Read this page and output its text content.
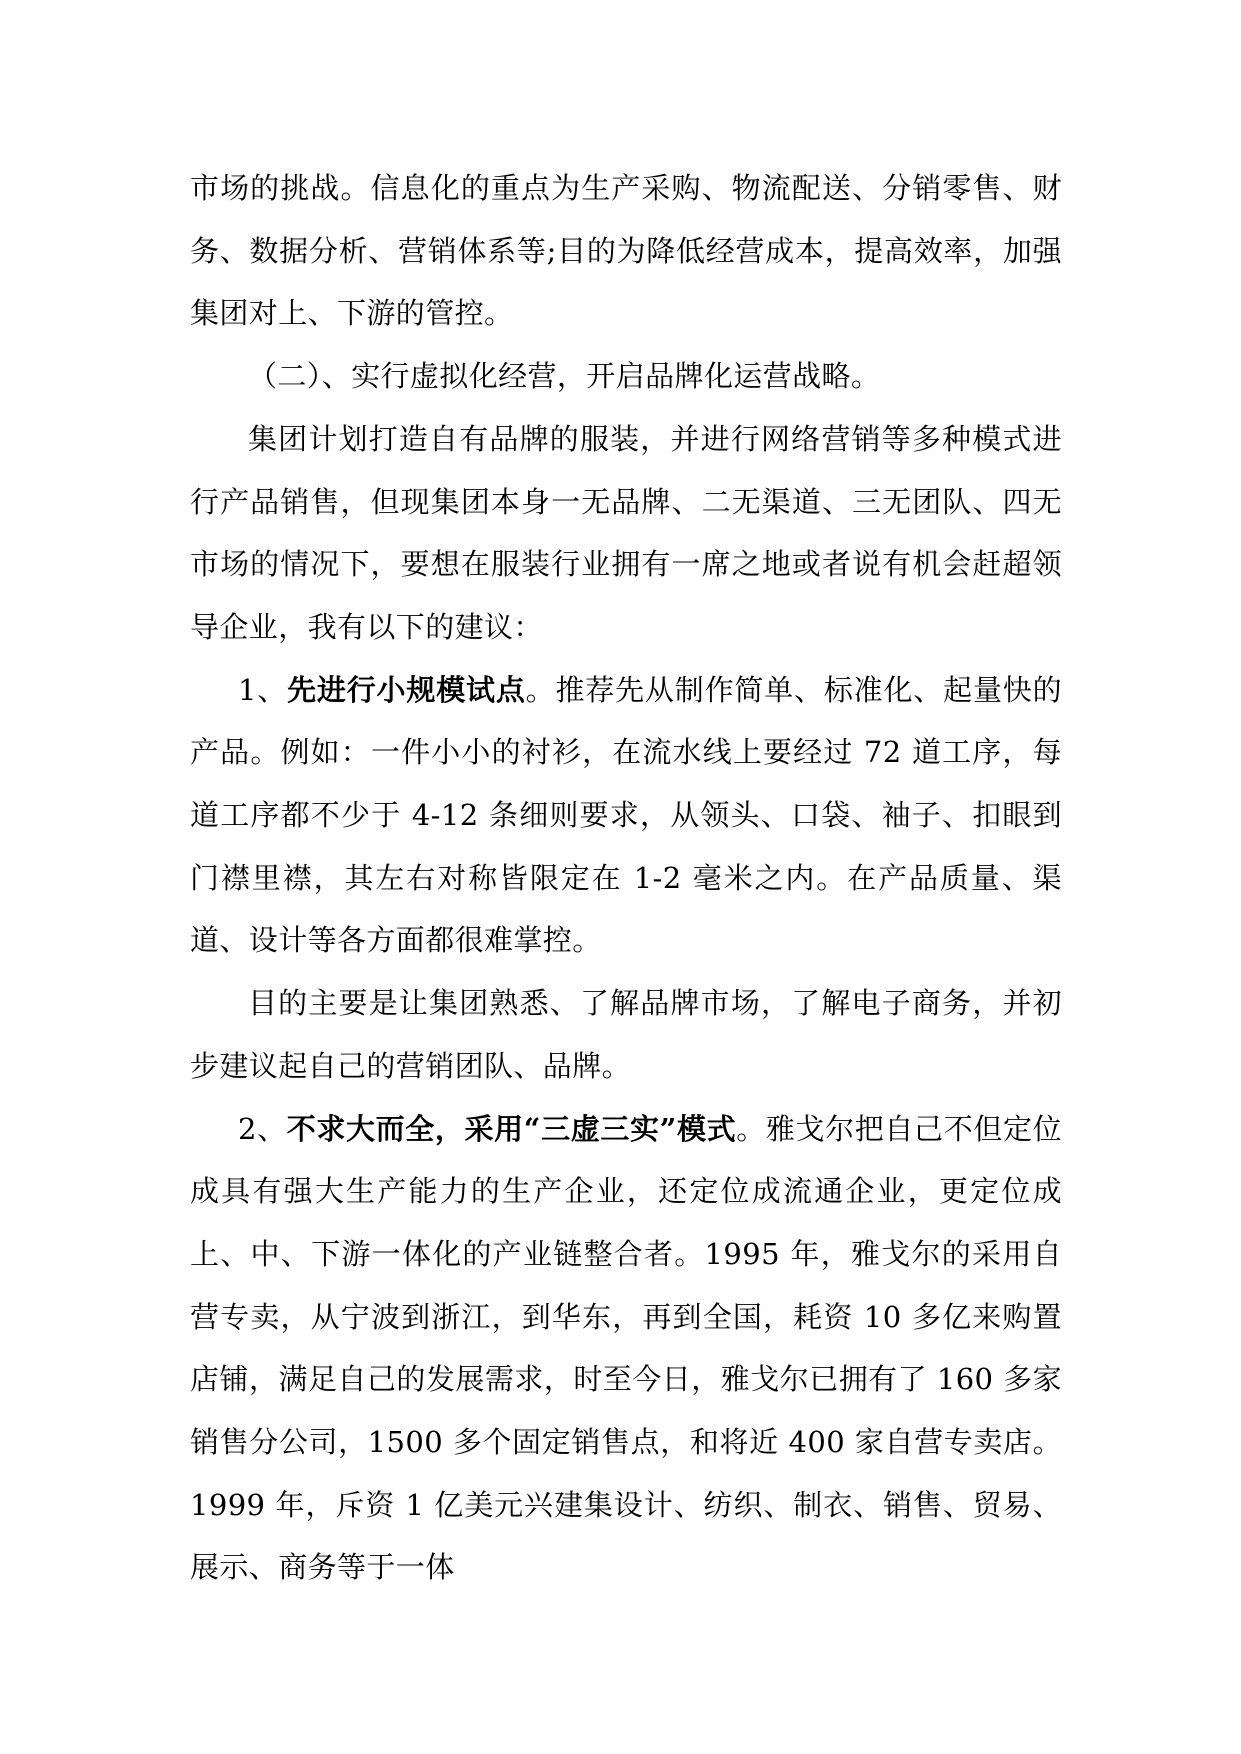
市场的挑战。信息化的重点为生产采购、物流配送、分销零售、财务、数据分析、营销体系等;目的为降低经营成本，提高效率，加强集团对上、下游的管控。

（二）、实行虚拟化经营，开启品牌化运营战略。

集团计划打造自有品牌的服装，并进行网络营销等多种模式进行产品销售，但现集团本身一无品牌、二无渠道、三无团队、四无市场的情况下，要想在服装行业拥有一席之地或者说有机会赶超领导企业，我有以下的建议：

1、先进行小规模试点。推荐先从制作简单、标准化、起量快的产品。例如：一件小小的衬衫，在流水线上要经过 72 道工序，每道工序都不少于 4-12 条细则要求，从领头、口袋、袖子、扣眼到门襟里襟，其左右对称皆限定在 1-2 毫米之内。在产品质量、渠道、设计等各方面都很难掌控。

目的主要是让集团熟悉、了解品牌市场，了解电子商务，并初步建议起自己的营销团队、品牌。

2、不求大而全，采用“三虚三实”模式。雅戈尔把自己不但定位成具有强大生产能力的生产企业，还定位成流通企业，更定位成上、中、下游一体化的产业链整合者。1995 年，雅戈尔的采用自营专卖，从宁波到浙江，到华东，再到全国，耗资 10 多亿来购置店铺，满足自己的发展需求，时至今日，雅戈尔已拥有了 160 多家销售分公司，1500 多个固定销售点，和将近 400 家自营专卖店。1999 年，斥资 1 亿美元兴建集设计、纺织、制衣、销售、贸易、展示、商务等于一体
